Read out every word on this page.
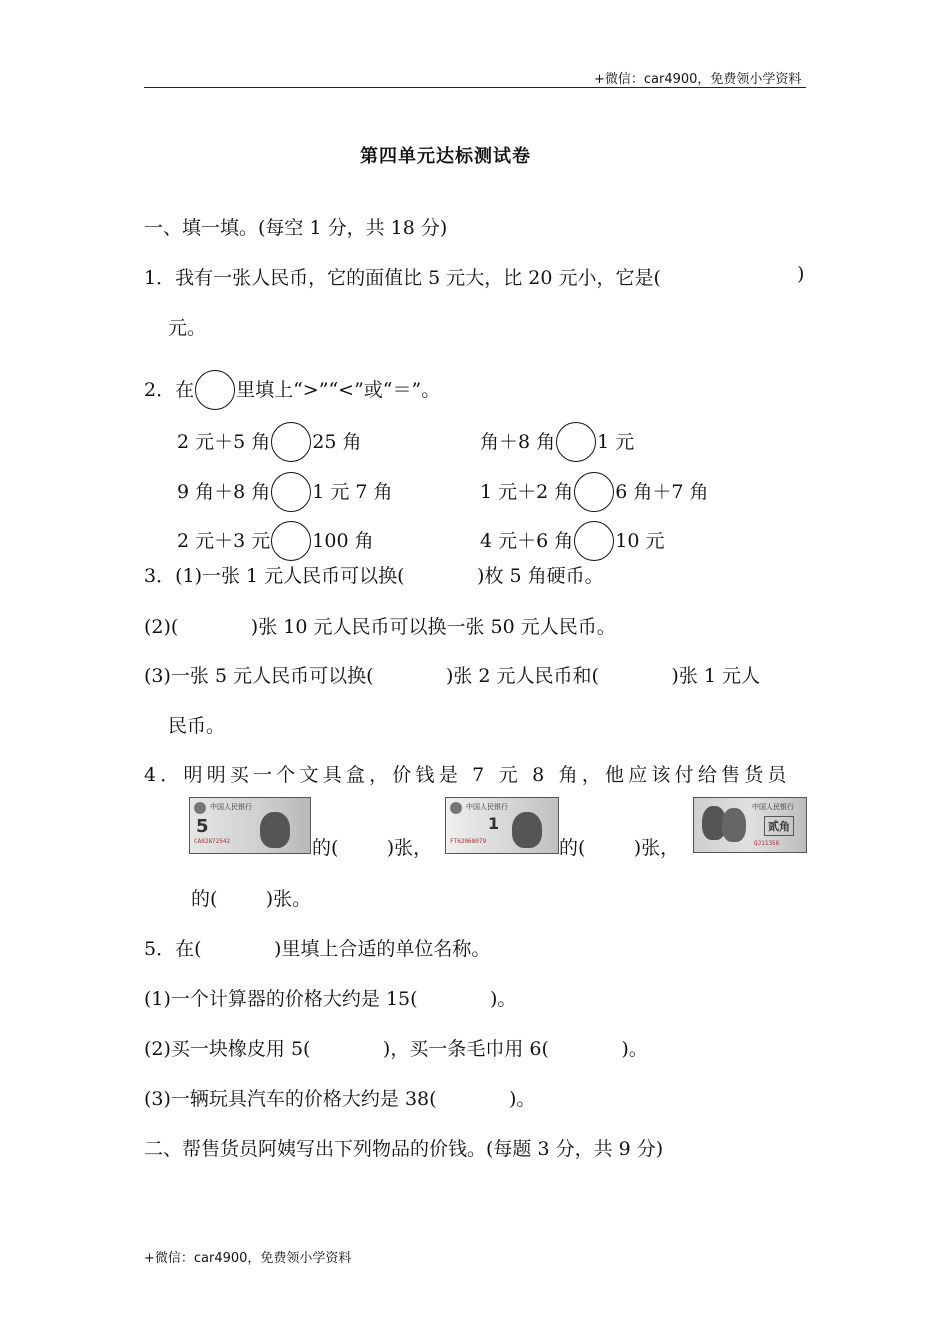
+微信：car4900，免费领小学资料
第四单元达标测试卷
一、填一填。(每空 1 分，共 18 分)
1．我有一张人民币，它的面值比 5 元大，比 20 元小，它是(	)
元。
2．在 里填上“>”“<”或“＝”。
2 元＋5 角 25 角	角＋8 角 1 元
9 角＋8 角 1 元 7 角	1 元＋2 角 6 角＋7 角
2 元＋3 元 100 角	4 元＋6 角 10 元
3．(1)一张 1 元人民币可以换(            )枚 5 角硬币。
(2)(            )张 10 元人民币可以换一张 50 元人民币。
(3)一张 5 元人民币可以换(            )张 2 元人民币和(            )张 1 元人
民币。
4．明明买一个文具盒，价钱是 7 元 8 角，他应该付给售货员
中国人民银行
5
CA02872542	的(        )张，
中国人民银行
1
FT62068079	的(        )张，
中国人民银行
贰角
QJ11356
的(        )张。
5．在(            )里填上合适的单位名称。
(1)一个计算器的价格大约是 15(            )。
(2)买一块橡皮用 5(            )，买一条毛巾用 6(            )。
(3)一辆玩具汽车的价格大约是 38(            )。
二、帮售货员阿姨写出下列物品的价钱。(每题 3 分，共 9 分)
+微信：car4900，免费领小学资料
